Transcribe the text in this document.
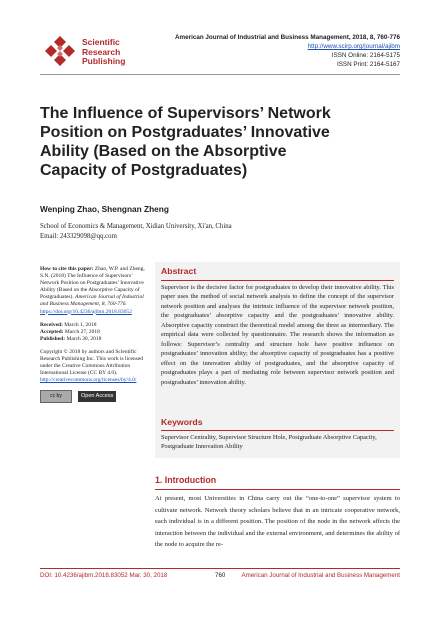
Scientific
Research
Publishing
American Journal of Industrial and Business Management, 2018, 8, 760-776
http://www.scirp.org/journal/ajibm
ISSN Online: 2164-5175
ISSN Print: 2164-5167
The Influence of Supervisors’ Network Position on Postgraduates’ Innovative Ability (Based on the Absorptive Capacity of Postgraduates)
Wenping Zhao, Shengnan Zheng
School of Economics & Management, Xidian University, Xi'an, China
Email: 243329098@qq.com

How to cite this paper: Zhao, W.P. and Zheng, S.N. (2018) The Influence of Supervisors’ Network Position on Postgraduates’ Innovative Ability (Based on the Absorptive Capacity of Postgraduates). American Journal of Industrial and Business Management, 8, 760-776.
https://doi.org/10.4236/ajibm.2018.83052

Received: March 1, 2018
Accepted: March 27, 2018
Published: March 30, 2018

Copyright © 2018 by authors and Scientific Research Publishing Inc. This work is licensed under the Creative Commons Attribution International License (CC BY 4.0).
http://creativecommons.org/licenses/by/4.0/

cc by	Open Access
Abstract
Supervisor is the decisive factor for postgraduates to develop their innovative ability. This paper uses the method of social network analysis to define the concept of the supervisor network position and analyses the intrinsic influence of the supervisor network position, the postgraduates’ absorptive capacity and the postgraduates’ innovative ability. Absorptive capacity construct the theoretical model among the three as intermediary. The empirical data were collected by questionnaire. The research shows the information as follows: Supervisor’s centrality and structure hole have positive influence on postgraduates’ innovation ability; the absorptive capacity of postgraduates has a positive effect on the innovation ability of postgraduates, and the absorptive capacity of postgraduates plays a part of mediating role between supervisor network position and postgraduates’ innovation ability.
Keywords
Supervisor Centrality, Supervisor Structure Hole, Postgraduate Absorptive Capacity, Postgraduate Innovation Ability
1. Introduction
At present, most Universities in China carry out the “one-to-one” supervisor system to cultivate network. Network theory scholars believe that in an intricate cooperative network, each individual is in a different position. The position of the node in the network affects the interaction between the individual and the external environment, and determines the ability of the node to acquire the re-
DOI: 10.4236/ajibm.2018.83052 Mar. 30, 2018	760	American Journal of Industrial and Business Management
